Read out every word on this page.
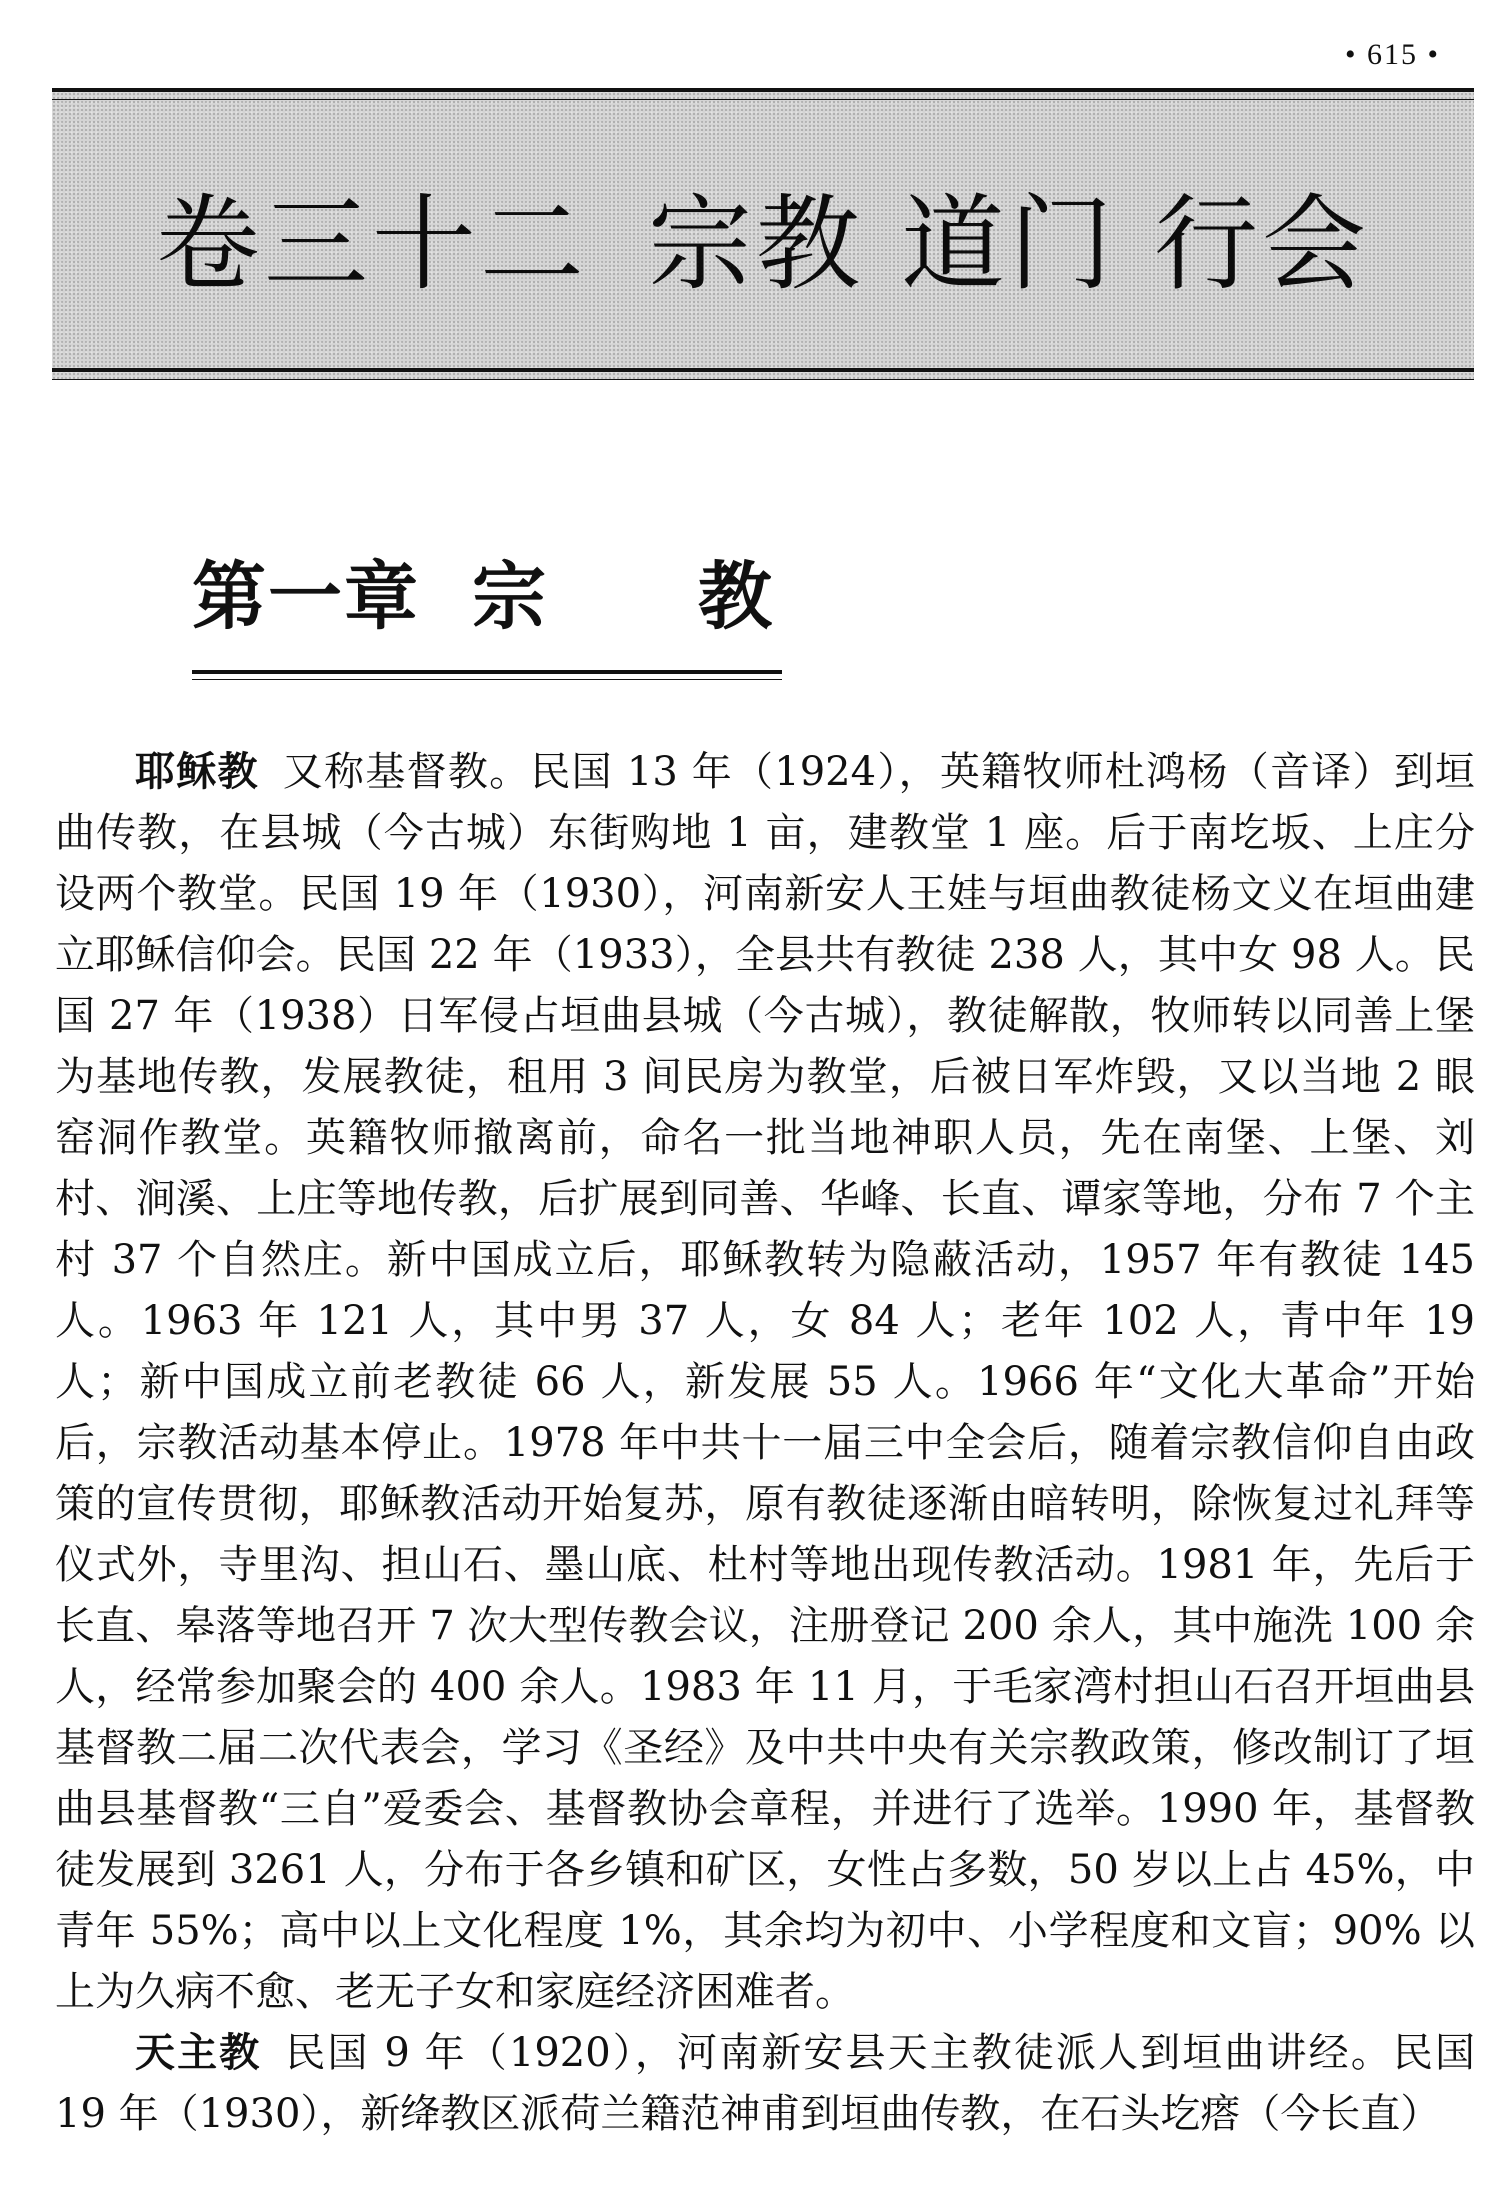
• 615 •
卷三十二 宗教 道门 行会
第一章 宗 教

耶稣教 又称基督教。民国 13 年（1924），英籍牧师杜鸿杨（音译）到垣曲传教，在县城（今古城）东街购地 1 亩，建教堂 1 座。后于南圪坂、上庄分设两个教堂。民国 19 年（1930），河南新安人王娃与垣曲教徒杨文义在垣曲建立耶稣信仰会。民国 22 年（1933），全县共有教徒 238 人，其中女 98 人。民国 27 年（1938）日军侵占垣曲县城（今古城），教徒解散，牧师转以同善上堡为基地传教，发展教徒，租用 3 间民房为教堂，后被日军炸毁，又以当地 2 眼窑洞作教堂。英籍牧师撤离前，命名一批当地神职人员，先在南堡、上堡、刘村、涧溪、上庄等地传教，后扩展到同善、华峰、长直、谭家等地，分布 7 个主村 37 个自然庄。新中国成立后，耶稣教转为隐蔽活动，1957 年有教徒 145 人。1963 年 121 人，其中男 37 人，女 84 人；老年 102 人，青中年 19 人；新中国成立前老教徒 66 人，新发展 55 人。1966 年“文化大革命”开始后，宗教活动基本停止。1978 年中共十一届三中全会后，随着宗教信仰自由政策的宣传贯彻，耶稣教活动开始复苏，原有教徒逐渐由暗转明，除恢复过礼拜等仪式外，寺里沟、担山石、墨山底、杜村等地出现传教活动。1981 年，先后于长直、皋落等地召开 7 次大型传教会议，注册登记 200 余人，其中施洗 100 余人，经常参加聚会的 400 余人。1983 年 11 月，于毛家湾村担山石召开垣曲县基督教二届二次代表会，学习《圣经》及中共中央有关宗教政策，修改制订了垣曲县基督教“三自”爱委会、基督教协会章程，并进行了选举。1990 年，基督教徒发展到 3261 人，分布于各乡镇和矿区，女性占多数，50 岁以上占 45%，中青年 55%；高中以上文化程度 1%，其余均为初中、小学程度和文盲；90% 以上为久病不愈、老无子女和家庭经济困难者。

天主教 民国 9 年（1920），河南新安县天主教徒派人到垣曲讲经。民国 19 年（1930），新绛教区派荷兰籍范神甫到垣曲传教，在石头圪瘩（今长直）
